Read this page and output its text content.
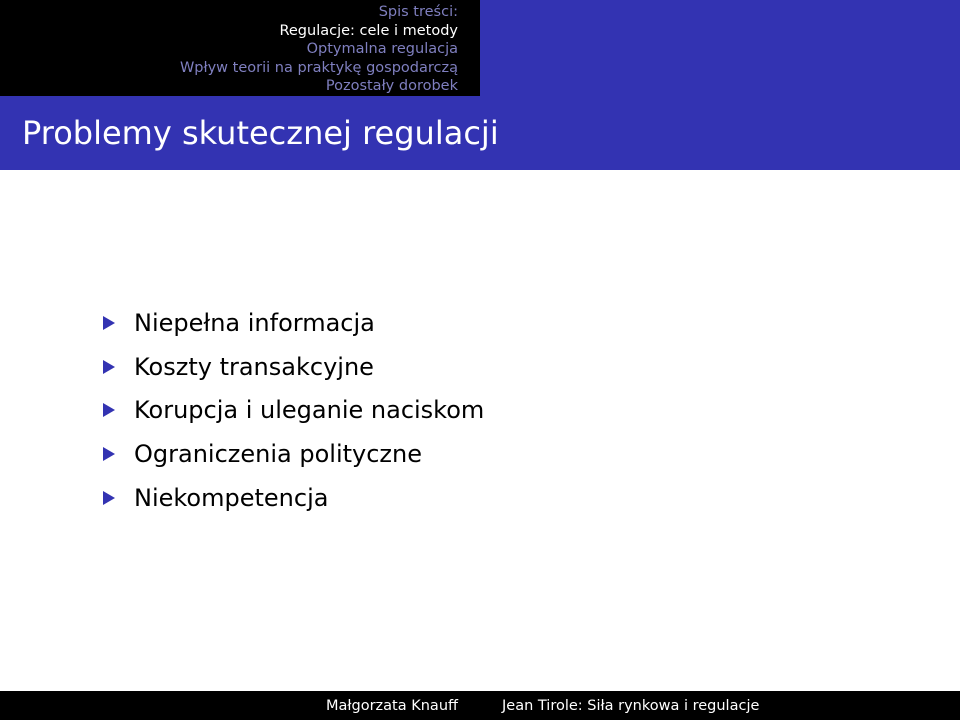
Spis treści:
Regulacje: cele i metody
Optymalna regulacja
Wpływ teorii na praktykę gospodarczą
Pozostały dorobek
Problemy skutecznej regulacji
Niepełna informacja
Koszty transakcyjne
Korupcja i uleganie naciskom
Ograniczenia polityczne
Niekompetencja
Małgorzata Knauff	Jean Tirole: Siła rynkowa i regulacje
